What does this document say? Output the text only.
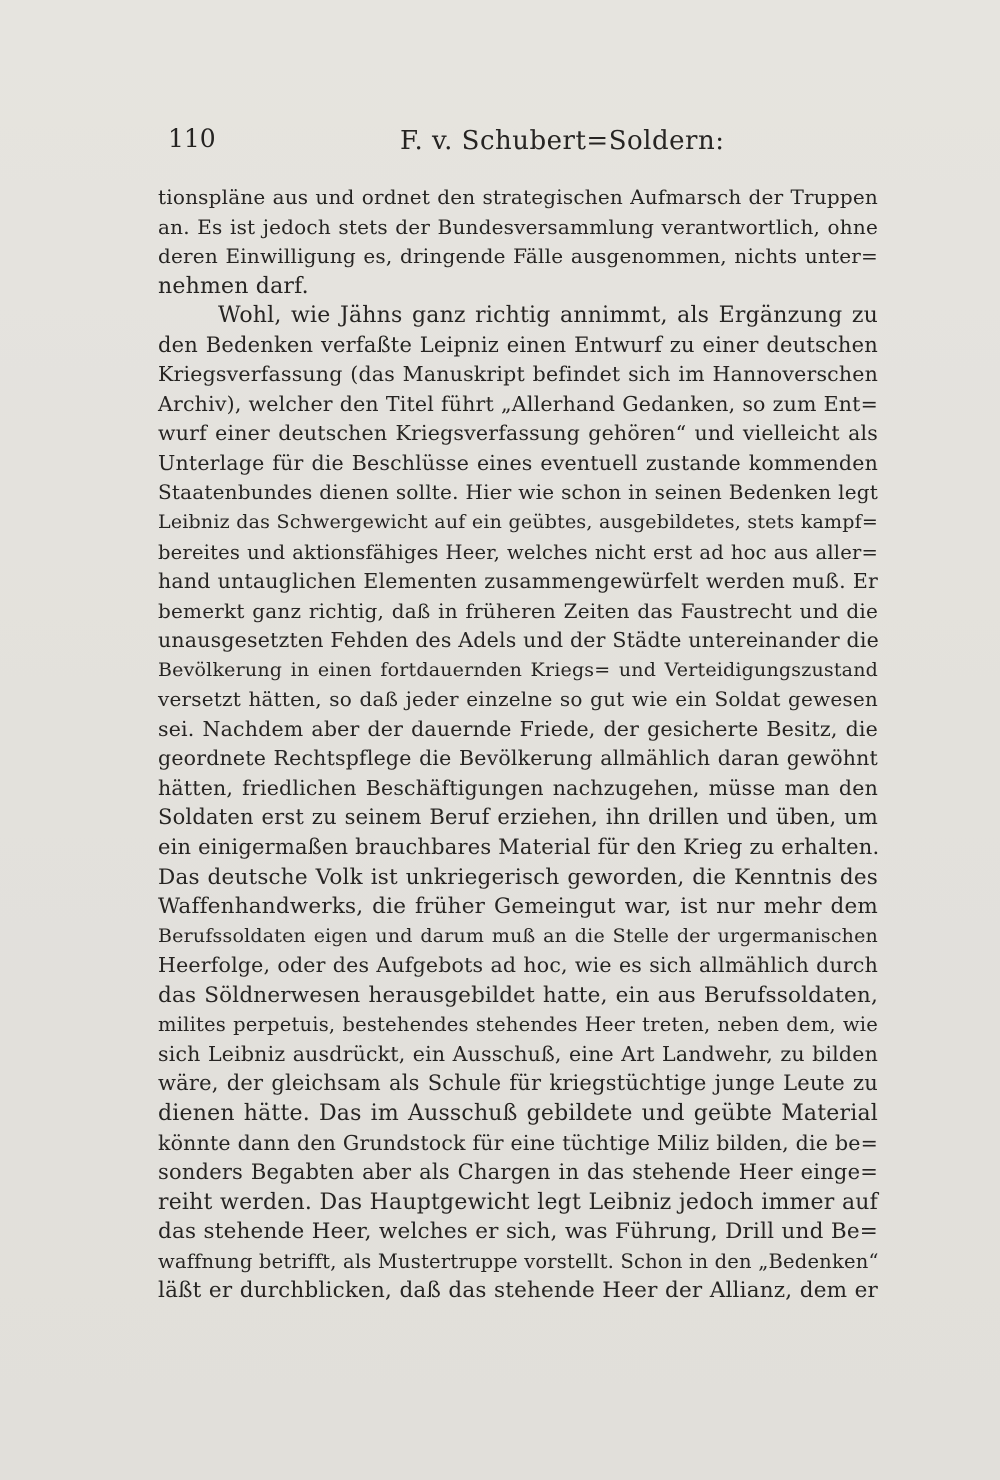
110	F. v. Schubert=Soldern:
tionspläne aus und ordnet den strategischen Aufmarsch der Truppen
an. Es ist jedoch stets der Bundesversammlung verantwortlich, ohne
deren Einwilligung es, dringende Fälle ausgenommen, nichts unter=
nehmen darf.
Wohl, wie Jähns ganz richtig annimmt, als Ergänzung zu
den Bedenken verfaßte Leipniz einen Entwurf zu einer deutschen
Kriegsverfassung (das Manuskript befindet sich im Hannoverschen
Archiv), welcher den Titel führt „Allerhand Gedanken, so zum Ent=
wurf einer deutschen Kriegsverfassung gehören“ und vielleicht als
Unterlage für die Beschlüsse eines eventuell zustande kommenden
Staatenbundes dienen sollte. Hier wie schon in seinen Bedenken legt
Leibniz das Schwergewicht auf ein geübtes, ausgebildetes, stets kampf=
bereites und aktionsfähiges Heer, welches nicht erst ad hoc aus aller=
hand untauglichen Elementen zusammengewürfelt werden muß. Er
bemerkt ganz richtig, daß in früheren Zeiten das Faustrecht und die
unausgesetzten Fehden des Adels und der Städte untereinander die
Bevölkerung in einen fortdauernden Kriegs= und Verteidigungszustand
versetzt hätten, so daß jeder einzelne so gut wie ein Soldat gewesen
sei. Nachdem aber der dauernde Friede, der gesicherte Besitz, die
geordnete Rechtspflege die Bevölkerung allmählich daran gewöhnt
hätten, friedlichen Beschäftigungen nachzugehen, müsse man den
Soldaten erst zu seinem Beruf erziehen, ihn drillen und üben, um
ein einigermaßen brauchbares Material für den Krieg zu erhalten.
Das deutsche Volk ist unkriegerisch geworden, die Kenntnis des
Waffenhandwerks, die früher Gemeingut war, ist nur mehr dem
Berufssoldaten eigen und darum muß an die Stelle der urgermanischen
Heerfolge, oder des Aufgebots ad hoc, wie es sich allmählich durch
das Söldnerwesen herausgebildet hatte, ein aus Berufssoldaten,
milites perpetuis, bestehendes stehendes Heer treten, neben dem, wie
sich Leibniz ausdrückt, ein Ausschuß, eine Art Landwehr, zu bilden
wäre, der gleichsam als Schule für kriegstüchtige junge Leute zu
dienen hätte. Das im Ausschuß gebildete und geübte Material
könnte dann den Grundstock für eine tüchtige Miliz bilden, die be=
sonders Begabten aber als Chargen in das stehende Heer einge=
reiht werden. Das Hauptgewicht legt Leibniz jedoch immer auf
das stehende Heer, welches er sich, was Führung, Drill und Be=
waffnung betrifft, als Mustertruppe vorstellt. Schon in den „Bedenken“
läßt er durchblicken, daß das stehende Heer der Allianz, dem er
